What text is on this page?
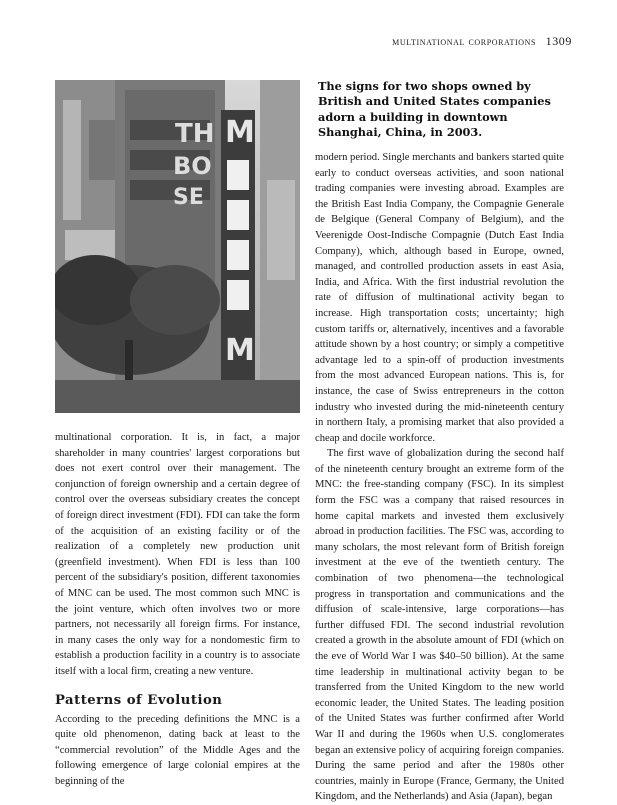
multinational corporations 1309
TH
BO
SE
M
M
The signs for two shops owned by British and United States companies adorn a building in downtown Shanghai, China, in 2003.

multinational corporation. It is, in fact, a major shareholder in many countries' largest corporations but does not exert control over their management. The conjunction of foreign ownership and a certain degree of control over the overseas subsidiary creates the concept of foreign direct investment (FDI). FDI can take the form of the acquisition of an existing facility or of the realization of a completely new production unit (greenfield investment). When FDI is less than 100 percent of the subsidiary's position, different taxonomies of MNC can be used. The most common such MNC is the joint venture, which often involves two or more partners, not necessarily all foreign firms. For instance, in many cases the only way for a nondomestic firm to establish a production facility in a country is to associate itself with a local firm, creating a new venture.

Patterns of Evolution

According to the preceding definitions the MNC is a quite old phenomenon, dating back at least to the “commercial revolution” of the Middle Ages and the following emergence of large colonial empires at the beginning of the

modern period. Single merchants and bankers started quite early to conduct overseas activities, and soon national trading companies were investing abroad. Examples are the British East India Company, the Compagnie Generale de Belgique (General Company of Belgium), and the Veerenigde Oost-Indische Compagnie (Dutch East India Company), which, although based in Europe, owned, managed, and controlled production assets in east Asia, India, and Africa. With the first industrial revolution the rate of diffusion of multinational activity began to increase. High transportation costs; uncertainty; high custom tariffs or, alternatively, incentives and a favorable attitude shown by a host country; or simply a competitive advantage led to a spin-off of production investments from the most advanced European nations. This is, for instance, the case of Swiss entrepreneurs in the cotton industry who invested during the mid-nineteenth century in northern Italy, a promising market that also provided a cheap and docile workforce.

The first wave of globalization during the second half of the nineteenth century brought an extreme form of the MNC: the free-standing company (FSC). In its simplest form the FSC was a company that raised resources in home capital markets and invested them exclusively abroad in production facilities. The FSC was, according to many scholars, the most relevant form of British foreign investment at the eve of the twentieth century. The combination of two phenomena—the technological progress in transportation and communications and the diffusion of scale-intensive, large corporations—has further diffused FDI. The second industrial revolution created a growth in the absolute amount of FDI (which on the eve of World War I was $40–50 billion). At the same time leadership in multinational activity began to be transferred from the United Kingdom to the new world economic leader, the United States. The leading position of the United States was further confirmed after World War II and during the 1960s when U.S. conglomerates began an extensive policy of acquiring foreign companies. During the same period and after the 1980s other countries, mainly in Europe (France, Germany, the United Kingdom, and the Netherlands) and Asia (Japan), began
